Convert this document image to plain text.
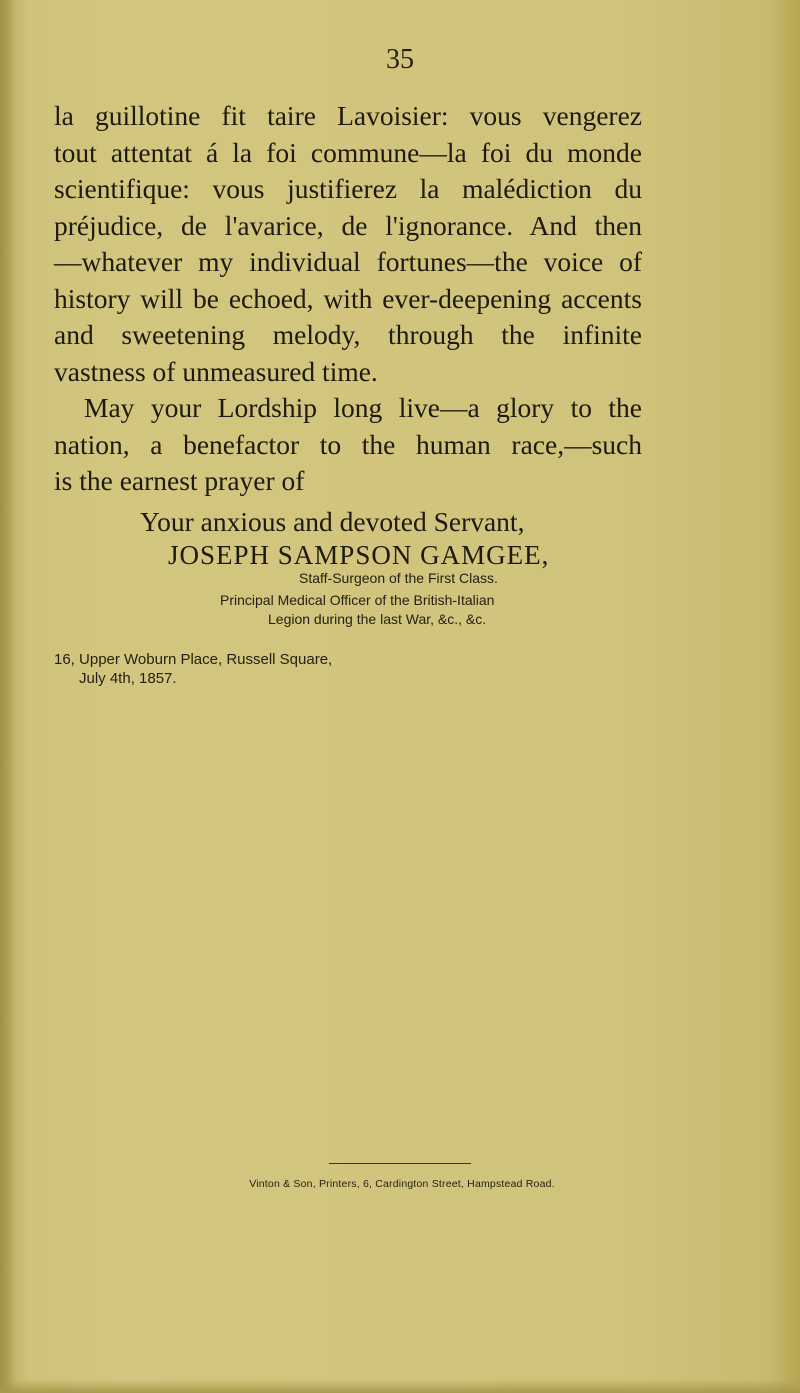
35
la guillotine fit taire Lavoisier: vous vengerez
tout attentat á la foi commune—la foi du monde
scientifique: vous justifierez la malédiction du
préjudice, de l'avarice, de l'ignorance. And then
—whatever my individual fortunes—the voice of
history will be echoed, with ever-deepening accents
and sweetening melody, through the infinite
vastness of unmeasured time.
May your Lordship long live—a glory to the
nation, a benefactor to the human race,—such
is the earnest prayer of
Your anxious and devoted Servant,
JOSEPH SAMPSON GAMGEE,
Staff-Surgeon of the First Class.
Principal Medical Officer of the British-Italian
Legion during the last War, &c., &c.
16, Upper Woburn Place, Russell Square,
July 4th, 1857.
Vinton & Son, Printers, 6, Cardington Street, Hampstead Road.
